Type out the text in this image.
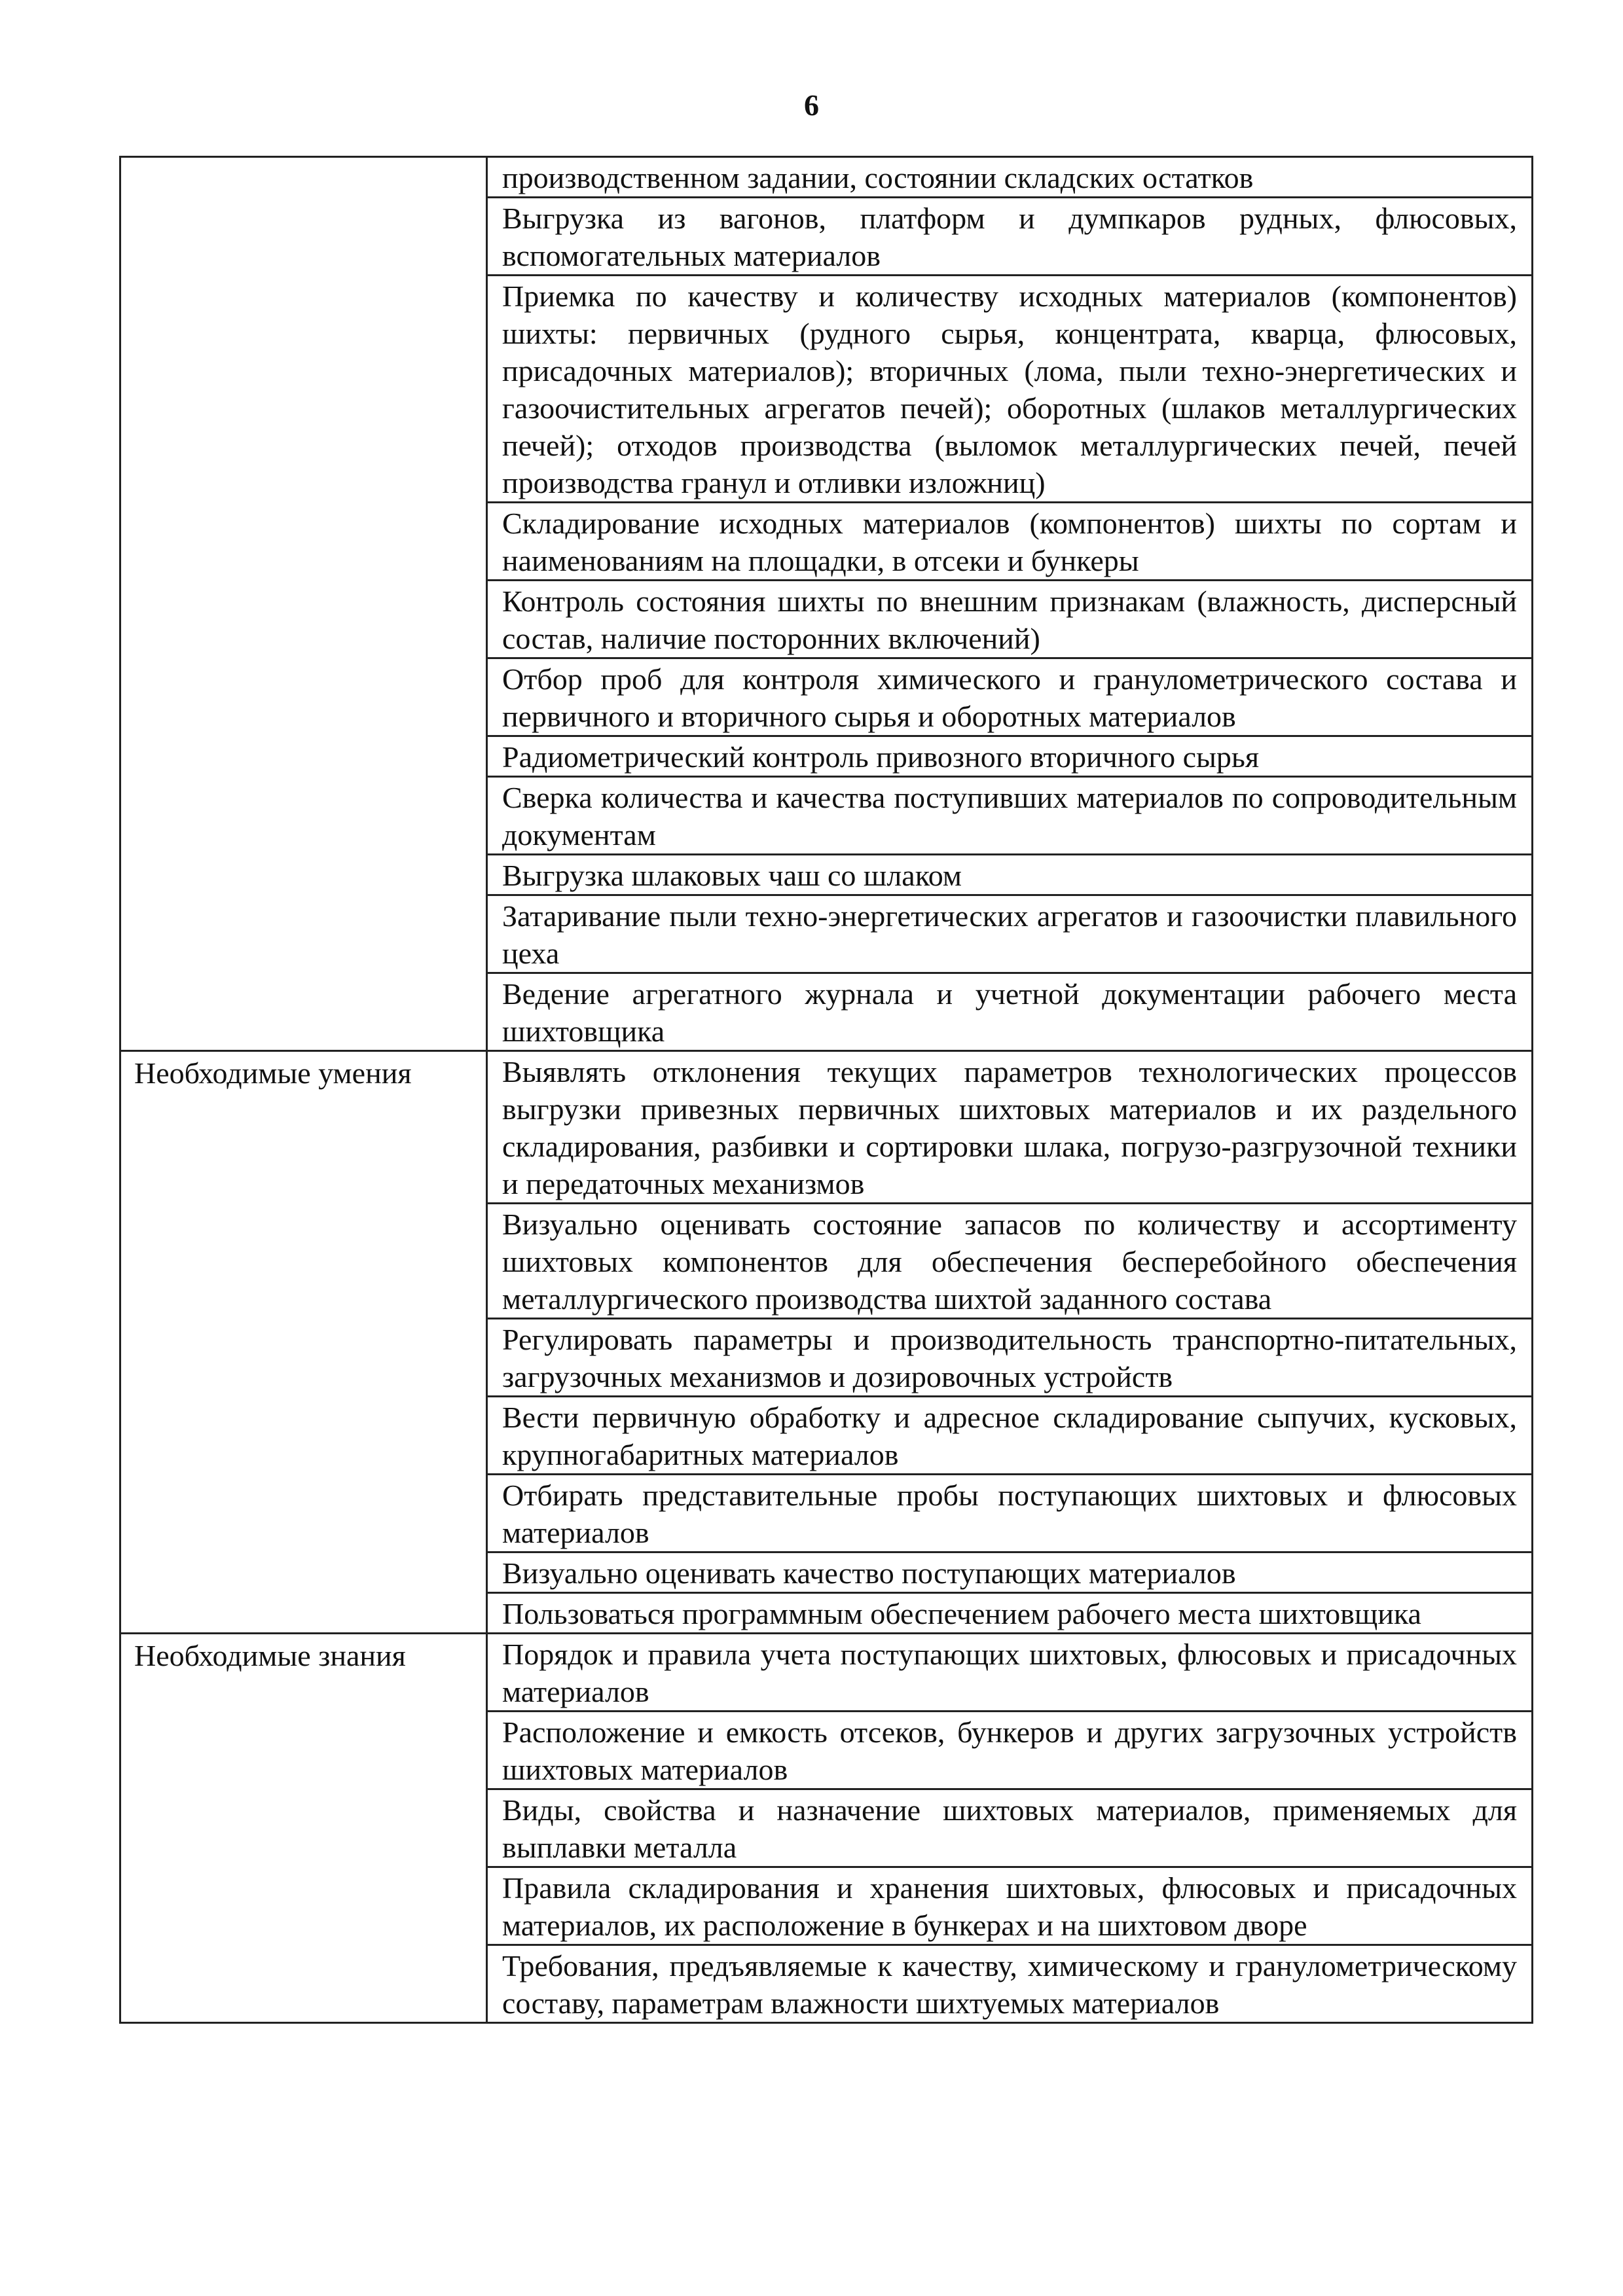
6
	производственном задании, состоянии складских остатков
	Выгрузка из вагонов, платформ и думпкаров рудных, флюсовых, вспомогательных материалов
	Приемка по качеству и количеству исходных материалов (компонентов) шихты: первичных (рудного сырья, концентрата, кварца, флюсовых, присадочных материалов); вторичных (лома, пыли техно-энергетических и газоочистительных агрегатов печей); оборотных (шлаков металлургических печей); отходов производства (выломок металлургических печей, печей производства гранул и отливки изложниц)
	Складирование исходных материалов (компонентов) шихты по сортам и наименованиям на площадки, в отсеки и бункеры
	Контроль состояния шихты по внешним признакам (влажность, дисперсный состав, наличие посторонних включений)
	Отбор проб для контроля химического и гранулометрического состава и первичного и вторичного сырья и оборотных материалов
	Радиометрический контроль привозного вторичного сырья
	Сверка количества и качества поступивших материалов по сопроводительным документам
	Выгрузка шлаковых чаш со шлаком
	Затаривание пыли техно-энергетических агрегатов и газоочистки плавильного цеха
	Ведение агрегатного журнала и учетной документации рабочего места шихтовщика
Необходимые умения	Выявлять отклонения текущих параметров технологических процессов выгрузки привезных первичных шихтовых материалов и их раздельного складирования, разбивки и сортировки шлака, погрузо-разгрузочной техники и передаточных механизмов
	Визуально оценивать состояние запасов по количеству и ассортименту шихтовых компонентов для обеспечения бесперебойного обеспечения металлургического производства шихтой заданного состава
	Регулировать параметры и производительность транспортно-питательных, загрузочных механизмов и дозировочных устройств
	Вести первичную обработку и адресное складирование сыпучих, кусковых, крупногабаритных материалов
	Отбирать представительные пробы поступающих шихтовых и флюсовых материалов
	Визуально оценивать качество поступающих материалов
	Пользоваться программным обеспечением рабочего места шихтовщика
Необходимые знания	Порядок и правила учета поступающих шихтовых, флюсовых и присадочных материалов
	Расположение и емкость отсеков, бункеров и других загрузочных устройств шихтовых материалов
	Виды, свойства и назначение шихтовых материалов, применяемых для выплавки металла
	Правила складирования и хранения шихтовых, флюсовых и присадочных материалов, их расположение в бункерах и на шихтовом дворе
	Требования, предъявляемые к качеству, химическому и гранулометрическому составу, параметрам влажности шихтуемых материалов
